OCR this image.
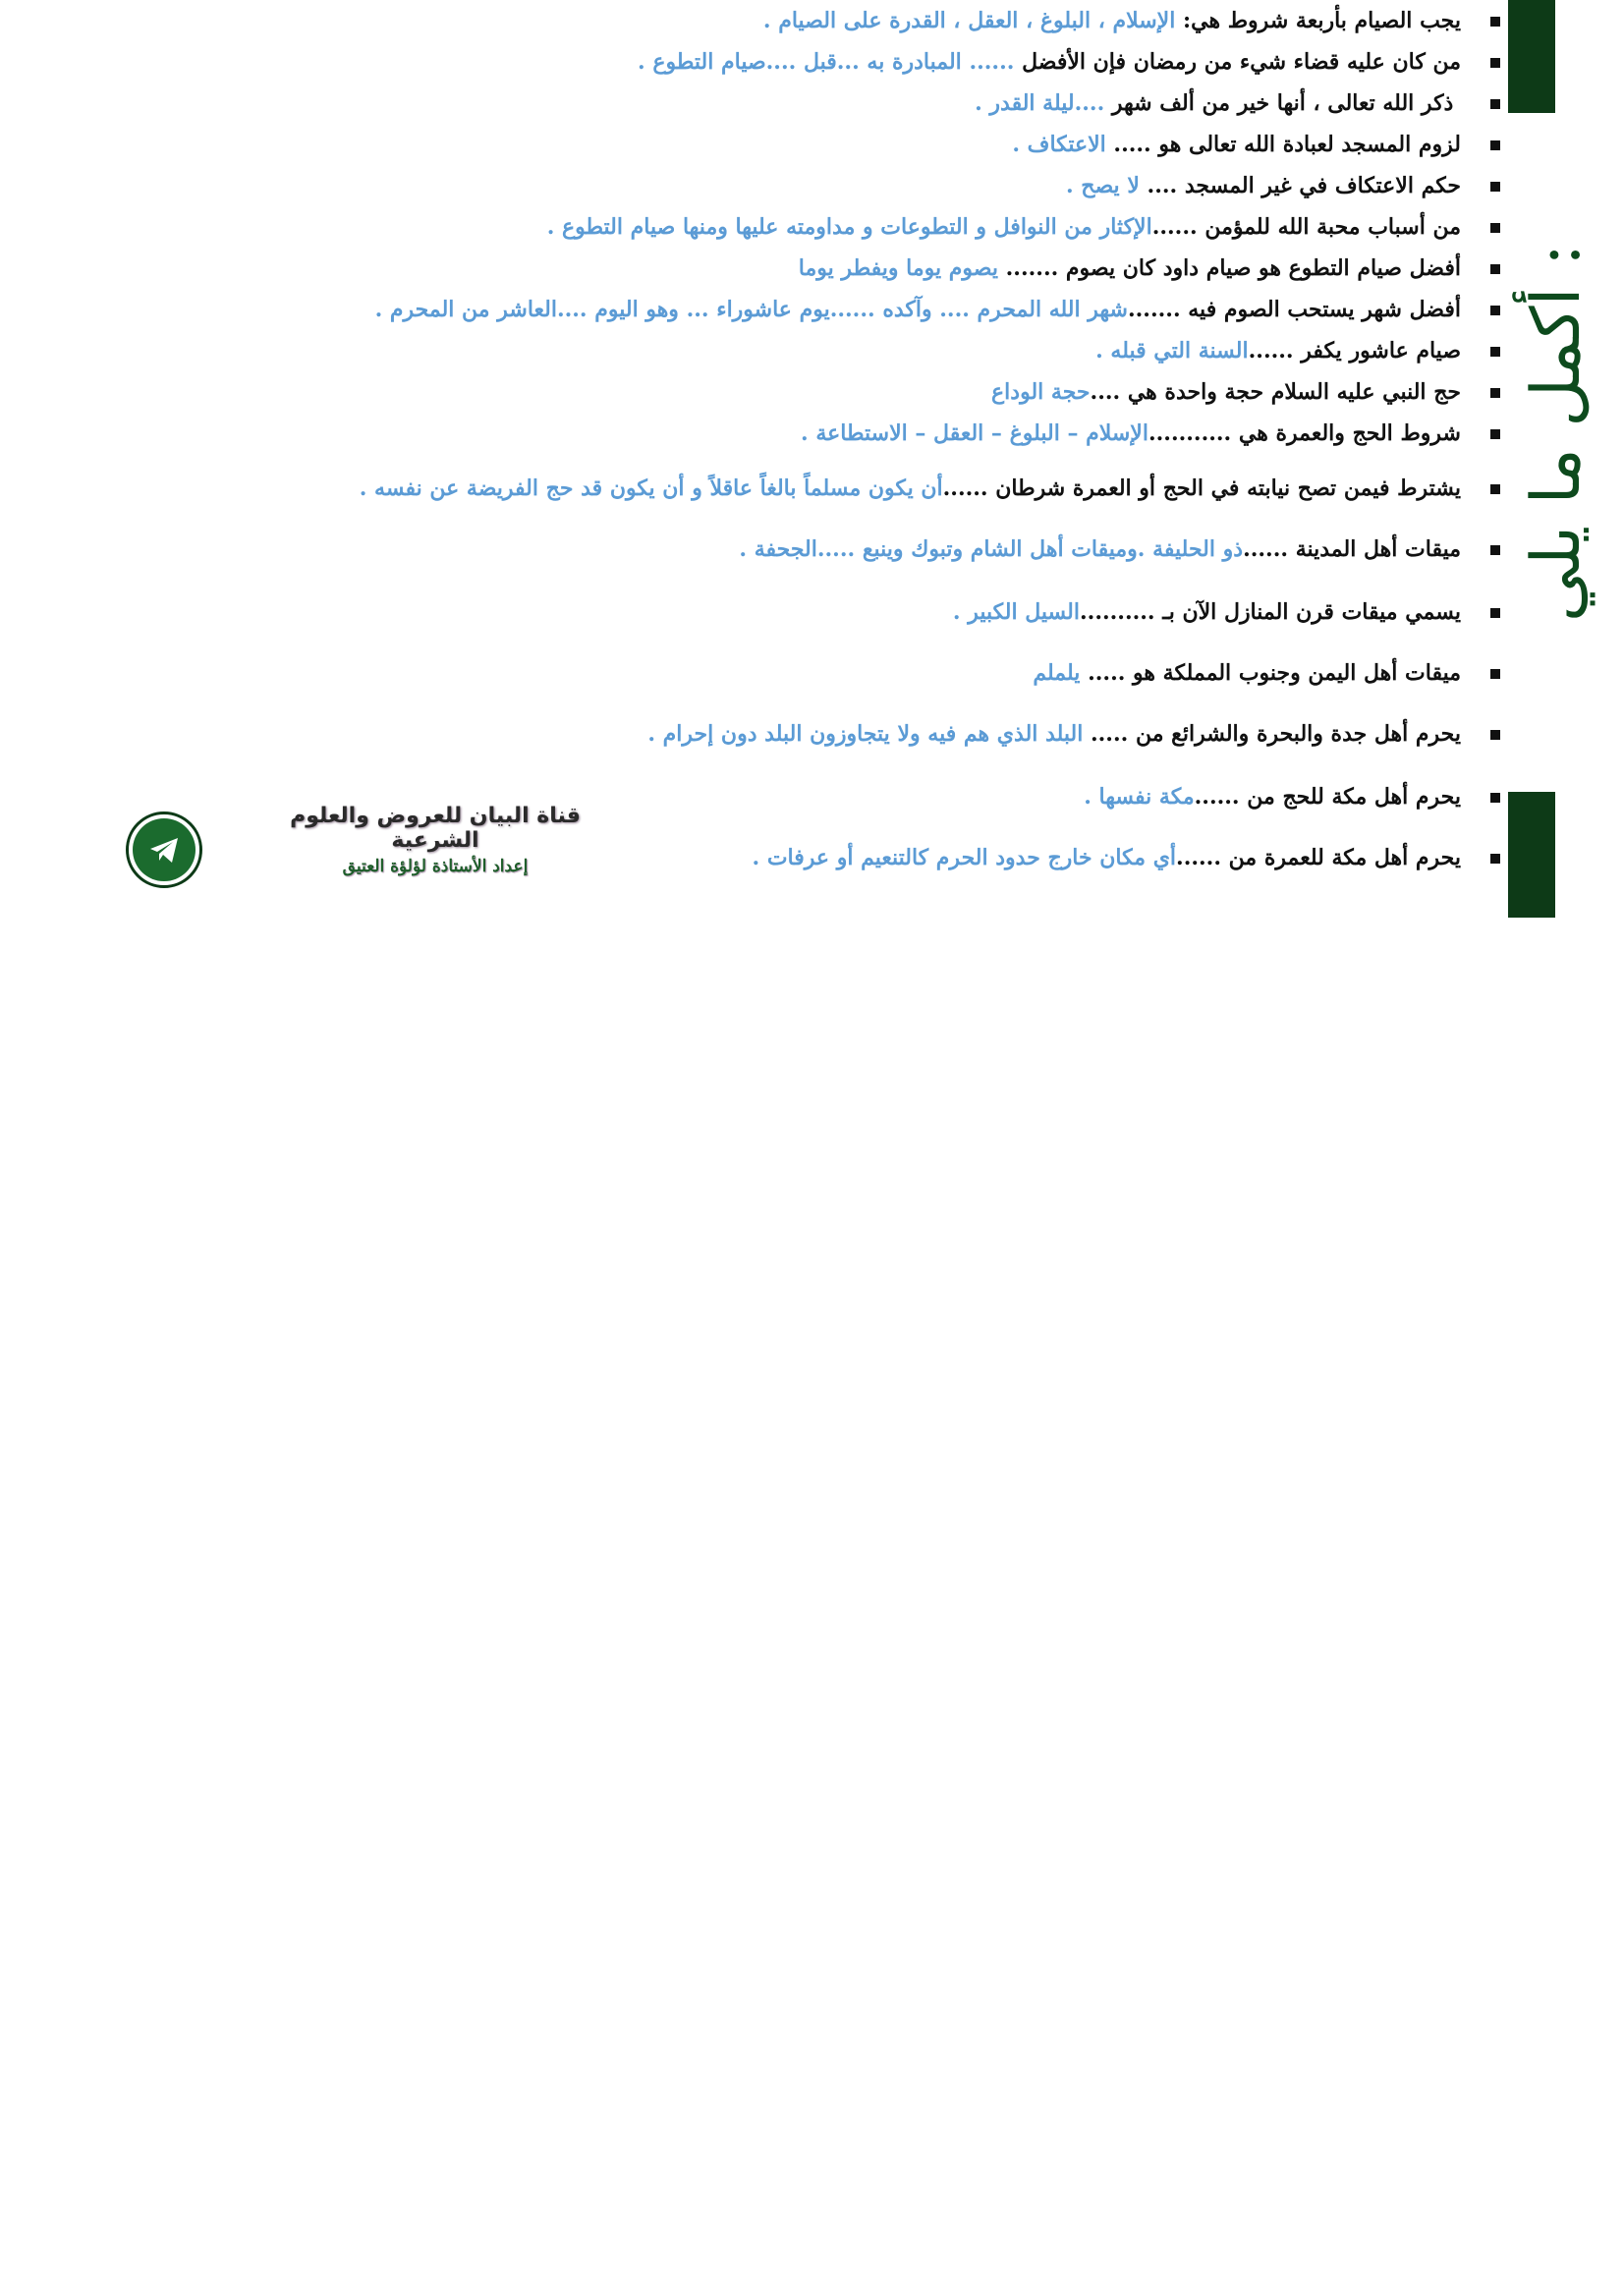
أكمل ما يلي :
يجب الصيام بأربعة شروط هي: الإسلام ، البلوغ ، العقل ، القدرة على الصيام .
من كان عليه قضاء شيء من رمضان فإن الأفضل ...... المبادرة به ...قبل ....صيام التطوع .
ذكر الله تعالى ، أنها خير من ألف شهر ....ليلة القدر .
لزوم المسجد لعبادة الله تعالى هو ..... الاعتكاف .
حكم الاعتكاف في غير المسجد .... لا يصح .
من أسباب محبة الله للمؤمن ......الإكثار من النوافل و التطوعات و مداومته عليها ومنها صيام التطوع .
أفضل صيام التطوع هو صيام داود كان يصوم ....... يصوم يوما ويفطر يوما
أفضل شهر يستحب الصوم فيه .......شهر الله المحرم .... وآكده ......يوم عاشوراء ... وهو اليوم ....العاشر من المحرم .
صيام عاشور يكفر ......السنة التي قبله .
حج النبي عليه السلام حجة واحدة هي ....حجة الوداع
شروط الحج والعمرة هي ...........الإسلام – البلوغ – العقل – الاستطاعة .
يشترط فيمن تصح نيابته في الحج أو العمرة شرطان ......أن يكون مسلماً بالغاً عاقلاً و أن يكون قد حج الفريضة عن نفسه .
ميقات أهل المدينة ......ذو الحليفة .وميقات أهل الشام وتبوك وينبع .....الجحفة .
يسمي ميقات قرن المنازل الآن بـ ..........السيل الكبير .
ميقات أهل اليمن وجنوب المملكة هو ..... يلملم
يحرم أهل جدة والبحرة والشرائع من ..... البلد الذي هم فيه ولا يتجاوزون البلد دون إحرام .
يحرم أهل مكة للحج من ......مكة نفسها .
يحرم أهل مكة للعمرة من ......أي مكان خارج حدود الحرم كالتنعيم أو عرفات .
قناة البيان للعروض والعلوم الشرعية
إعداد الأستاذة لؤلؤة العتيق
